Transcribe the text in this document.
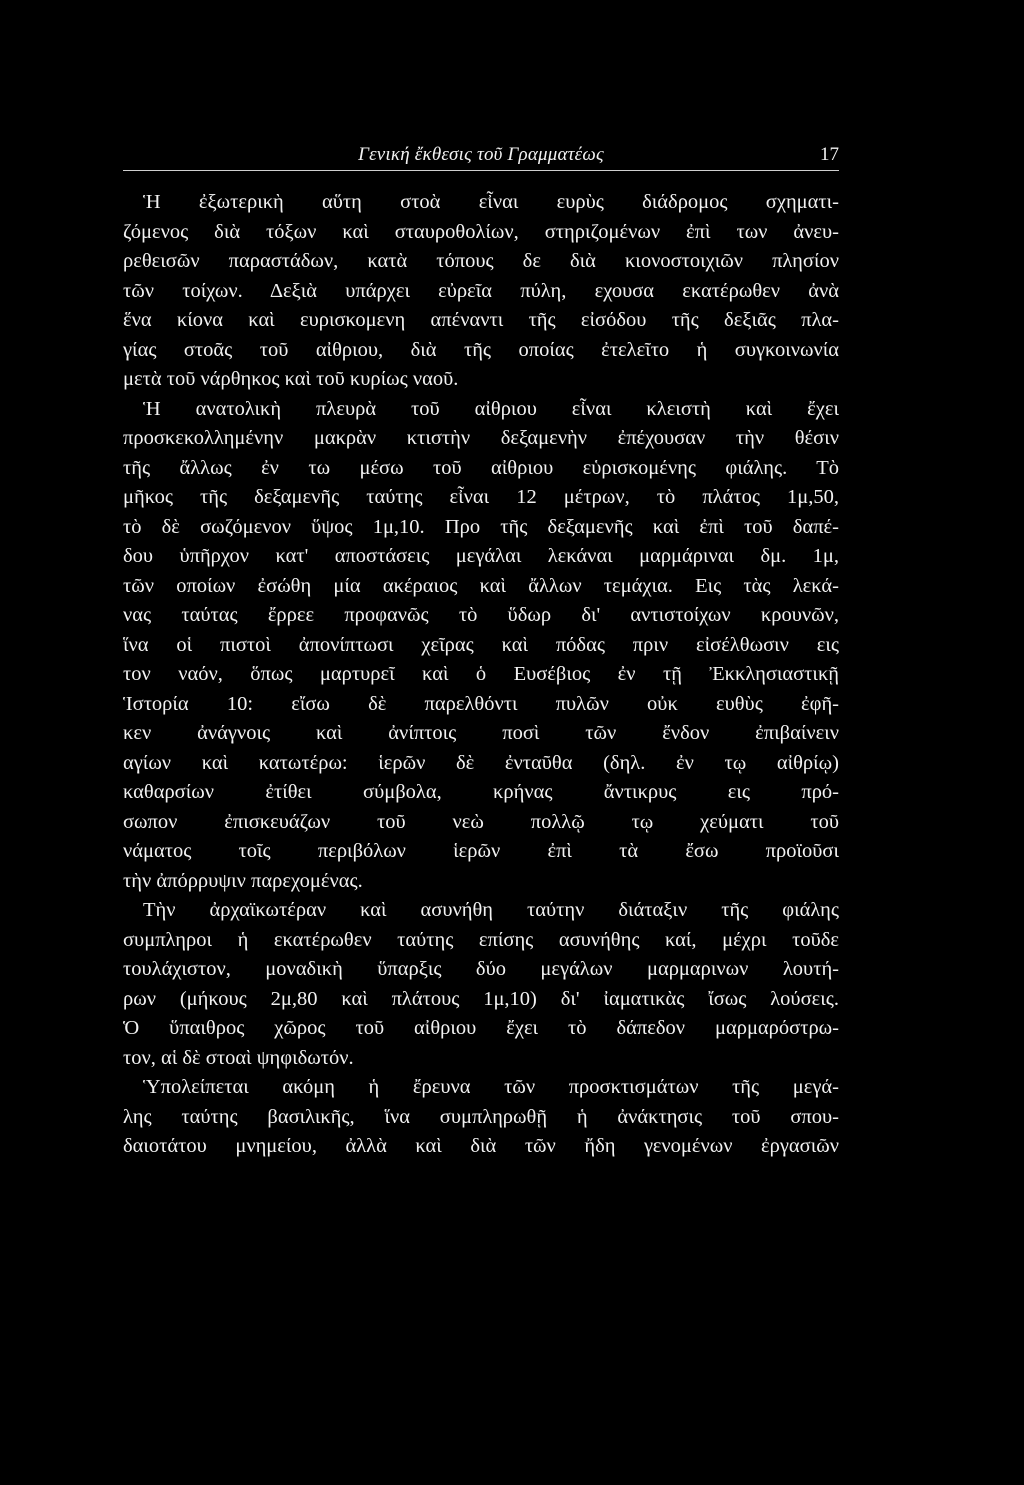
Γενική ἔκθεσις τοῦ Γραμματέως	17
Ἡ ἐξωτερικὴ αὕτη στοὰ εἶναι ευρὺς διάδρομος σχηματι-
ζόμενος διὰ τόξων καὶ σταυροθολίων, στηριζομένων ἐπὶ των ἀνευ-
ρεθεισῶν παραστάδων, κατὰ τόπους δε διὰ κιονοστοιχιῶν πλησίον
τῶν τοίχων. Δεξιὰ υπάρχει εὐρεῖα πύλη, εχουσα εκατέρωθεν ἀνὰ
ἕνα κίονα καὶ ευρισκομενη απέναντι τῆς εἰσόδου τῆς δεξιᾶς πλα-
γίας στοᾶς τοῦ αἰθριου, διὰ τῆς οποίας ἐτελεῖτο ἡ συγκοινωνία
μετὰ τοῦ νάρθηκος καὶ τοῦ κυρίως ναοῦ.
Ἡ ανατολικὴ πλευρὰ τοῦ αἰθριου εἶναι κλειστὴ καὶ ἔχει
προσκεκολλημένην μακρὰν κτιστὴν δεξαμενὴν ἐπέχουσαν τὴν θέσιν
τῆς ἄλλως ἐν τω μέσω τοῦ αἰθριου εὑρισκομένης φιάλης. Τὸ
μῆκος τῆς δεξαμενῆς ταύτης εἶναι 12 μέτρων, τὸ πλάτος 1μ,50,
τὸ δὲ σωζόμενον ὕψος 1μ,10. Προ τῆς δεξαμενῆς καὶ ἐπὶ τοῦ δαπέ-
δου ὑπῆρχον κατ' αποστάσεις μεγάλαι λεκάναι μαρμάριναι δμ. 1μ,
τῶν οποίων ἐσώθη μία ακέραιος καὶ ἄλλων τεμάχια. Εις τὰς λεκά-
νας ταύτας ἔρρεε προφανῶς τὸ ὕδωρ δι' αντιστοίχων κρουνῶν,
ἵνα οἱ πιστοὶ ἀπονίπτωσι χεῖρας καὶ πόδας πριν εἰσέλθωσιν εις
τον ναόν, ὅπως μαρτυρεῖ καὶ ὁ Ευσέβιος ἐν τῇ Ἐκκλησιαστικῇ
Ἱστορία 10: εἴσω δὲ παρελθόντι πυλῶν οὐκ ευθὺς ἐφῆ-
κεν ἀνάγνοις καὶ ἀνίπτοις ποσὶ τῶν ἔνδον ἐπιβαίνειν
αγίων καὶ κατωτέρω: ἱερῶν δὲ ἐνταῦθα (δηλ. ἐν τῳ αἰθρίῳ)
καθαρσίων ἐτίθει σύμβολα, κρήνας ἄντικρυς εις πρό-
σωπον ἐπισκευάζων τοῦ νεὼ πολλῷ τῳ χεύματι τοῦ
νάματος τοῖς περιβόλων ἱερῶν ἐπὶ τὰ ἔσω προϊοῦσι
τὴν ἀπόρρυψιν παρεχομένας.
Τὴν ἀρχαϊκωτέραν καὶ ασυνήθη ταύτην διάταξιν τῆς φιάλης
συμπληροι ἡ εκατέρωθεν ταύτης επίσης ασυνήθης καί, μέχρι τοῦδε
τουλάχιστον, μοναδικὴ ὕπαρξις δύο μεγάλων μαρμαρινων λουτή-
ρων (μήκους 2μ,80 καὶ πλάτους 1μ,10) δι' ἰαματικὰς ἴσως λούσεις.
Ὁ ὕπαιθρος χῶρος τοῦ αἰθριου ἔχει τὸ δάπεδον μαρμαρόστρω-
τον, αἱ δὲ στοαὶ ψηφιδωτόν.
Ὑπολείπεται ακόμη ἡ ἔρευνα τῶν προσκτισμάτων τῆς μεγά-
λης ταύτης βασιλικῆς, ἵνα συμπληρωθῇ ἡ ἀνάκτησις τοῦ σπου-
δαιοτάτου μνημείου, ἀλλὰ καὶ διὰ τῶν ἤδη γενομένων ἐργασιῶν
